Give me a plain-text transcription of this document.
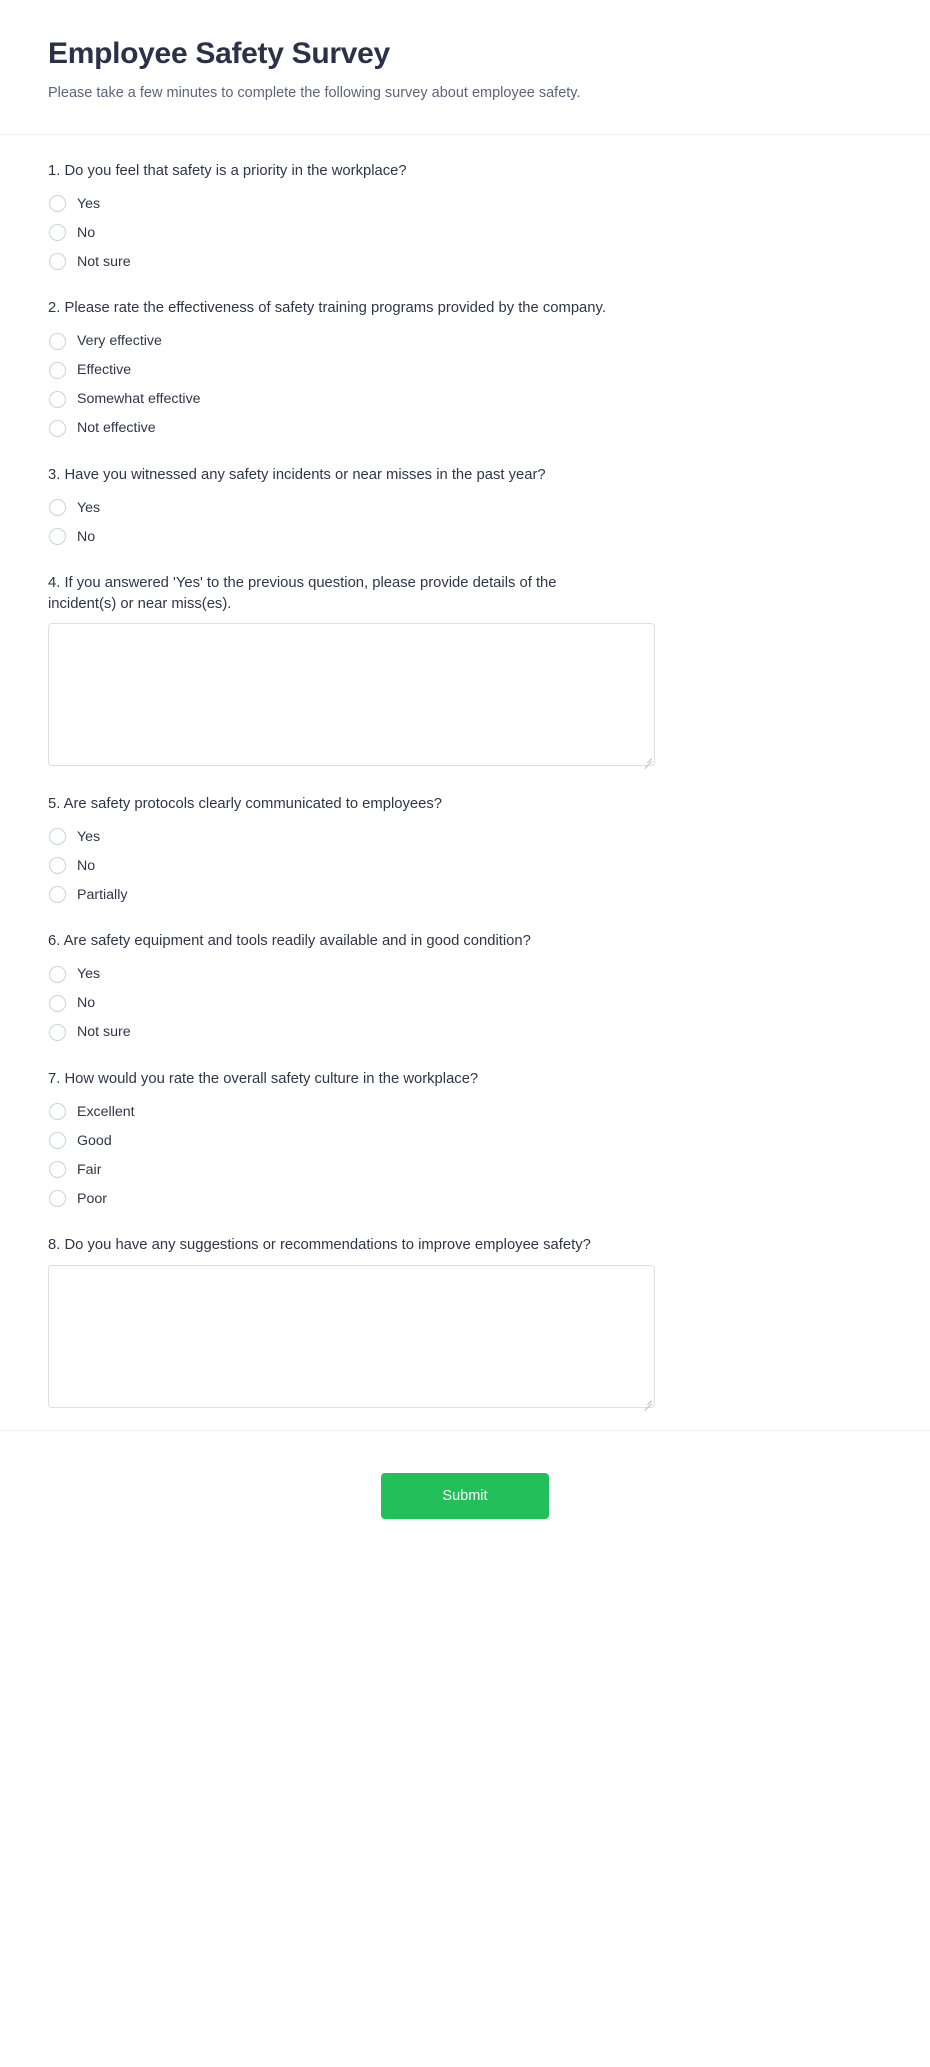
Employee Safety Survey

Please take a few minutes to complete the following survey about employee safety.

1. Do you feel that safety is a priority in the workplace?

Yes
No
Not sure

2. Please rate the effectiveness of safety training programs provided by the company.

Very effective
Effective
Somewhat effective
Not effective

3. Have you witnessed any safety incidents or near misses in the past year?

Yes
No

4. If you answered 'Yes' to the previous question, please provide details of the incident(s) or near miss(es).

5. Are safety protocols clearly communicated to employees?

Yes
No
Partially

6. Are safety equipment and tools readily available and in good condition?

Yes
No
Not sure

7. How would you rate the overall safety culture in the workplace?

Excellent
Good
Fair
Poor

8. Do you have any suggestions or recommendations to improve employee safety?

Submit
